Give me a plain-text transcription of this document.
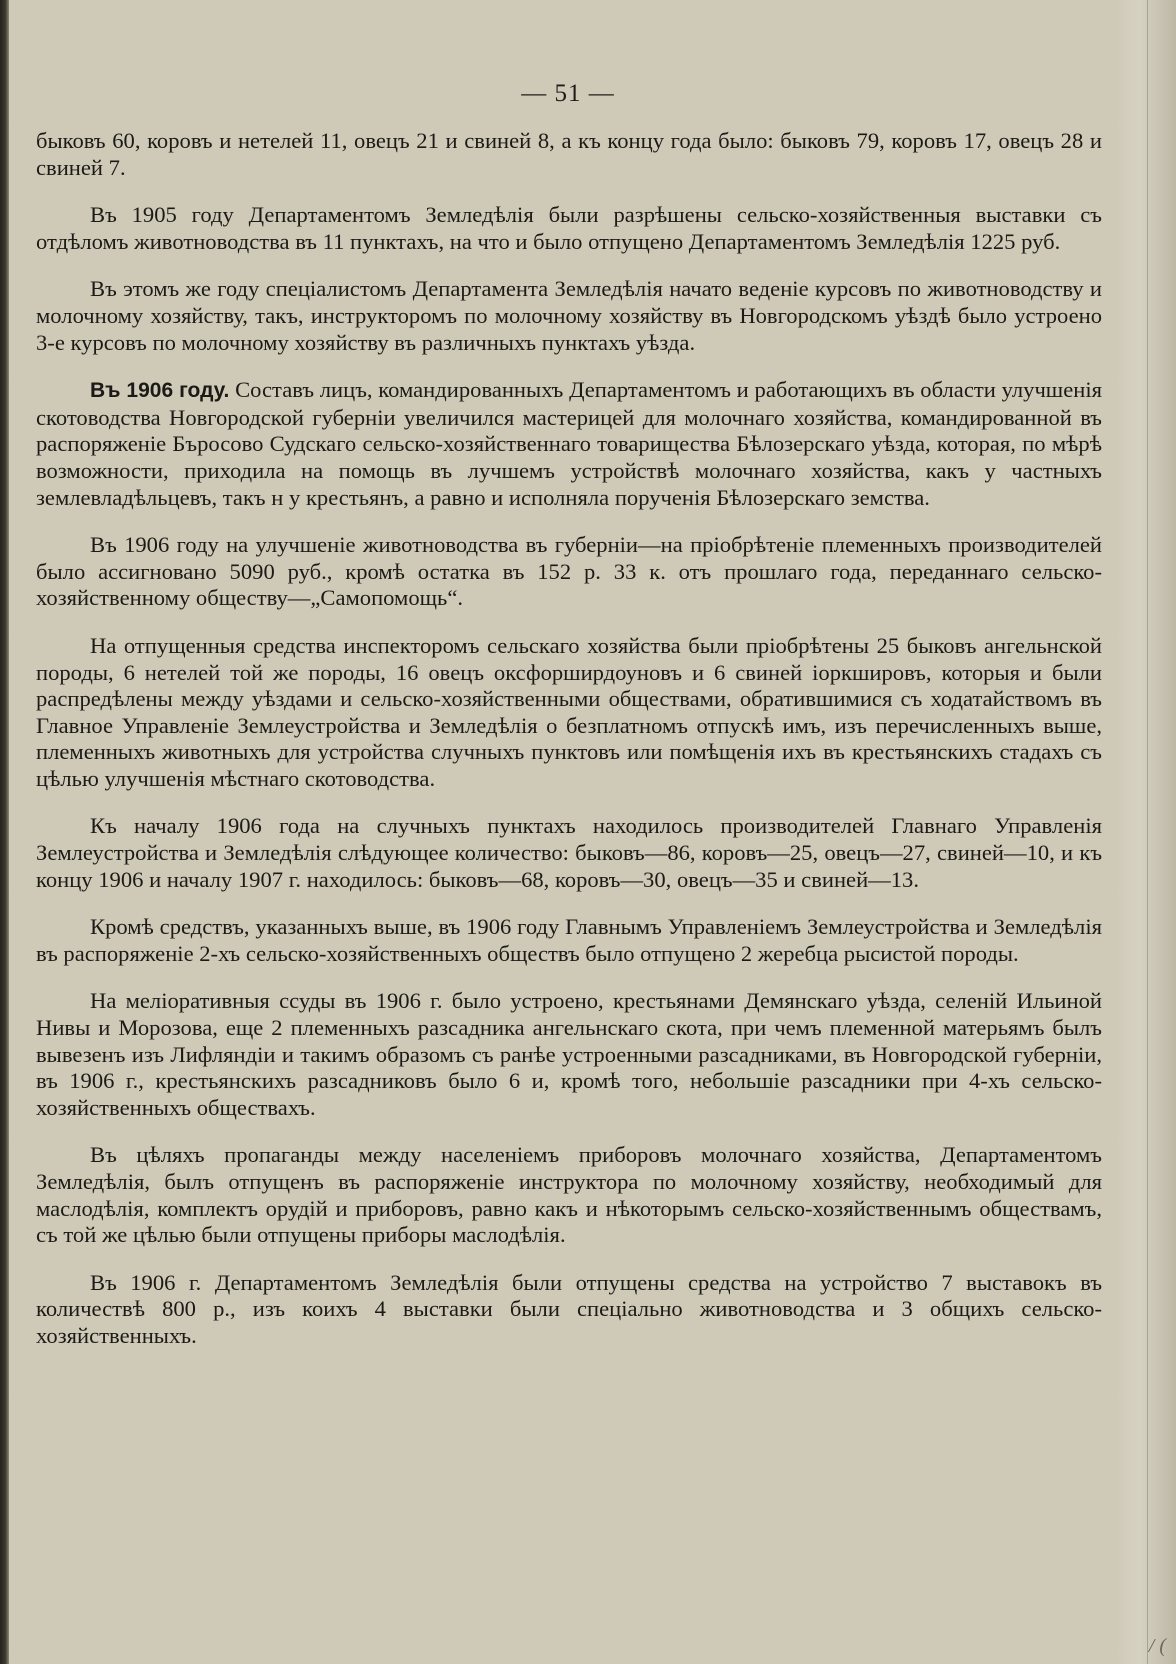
— 51 —

быковъ 60, коровъ и нетелей 11, овецъ 21 и свиней 8, а къ концу года было: быковъ 79, коровъ 17, овецъ 28 и свиней 7.

Въ 1905 году Департаментомъ Земледѣлія были разрѣшены сельско-хозяйственныя выставки съ отдѣломъ животноводства въ 11 пунктахъ, на что и было отпущено Департаментомъ Земледѣлія 1225 руб.

Въ этомъ же году спеціалистомъ Департамента Земледѣлія начато веденіе курсовъ по животноводству и молочному хозяйству, такъ, инструкторомъ по молочному хозяйству въ Новгородскомъ уѣздѣ было устроено 3-е курсовъ по молочному хозяйству въ различныхъ пунктахъ уѣзда.

Въ 1906 году. Составъ лицъ, командированныхъ Департаментомъ и работающихъ въ области улучшенія скотоводства Новгородской губерніи увеличился мастерицей для молочнаго хозяйства, командированной въ распоряженіе Бъросово Судскаго сельско-хозяйственнаго товарищества Бѣлозерскаго уѣзда, которая, по мѣрѣ возможности, приходила на помощь въ лучшемъ устройствѣ молочнаго хозяйства, какъ у частныхъ землевладѣльцевъ, такъ н у крестьянъ, а равно и исполняла порученія Бѣлозерскаго земства.

Въ 1906 году на улучшеніе животноводства въ губерніи—на пріобрѣтеніе племенныхъ производителей было ассигновано 5090 руб., кромѣ остатка въ 152 р. 33 к. отъ прошлаго года, переданнаго сельско-хозяйственному обществу—„Самопомощь“.

На отпущенныя средства инспекторомъ сельскаго хозяйства были пріобрѣтены 25 быковъ ангельнской породы, 6 нетелей той же породы, 16 овецъ оксфорширдоуновъ и 6 свиней іоркшировъ, которыя и были распредѣлены между уѣздами и сельско-хозяйственными обществами, обратившимися съ ходатайствомъ въ Главное Управленіе Землеустройства и Земледѣлія о безплатномъ отпускѣ имъ, изъ перечисленныхъ выше, племенныхъ животныхъ для устройства случныхъ пунктовъ или помѣщенія ихъ въ крестьянскихъ стадахъ съ цѣлью улучшенія мѣстнаго скотоводства.

Къ началу 1906 года на случныхъ пунктахъ находилось производителей Главнаго Управленія Землеустройства и Земледѣлія слѣдующее количество: быковъ—86, коровъ—25, овецъ—27, свиней—10, и къ концу 1906 и началу 1907 г. находилось: быковъ—68, коровъ—30, овецъ—35 и свиней—13.

Кромѣ средствъ, указанныхъ выше, въ 1906 году Главнымъ Управленіемъ Землеустройства и Земледѣлія въ распоряженіе 2-хъ сельско-хозяйственныхъ обществъ было отпущено 2 жеребца рысистой породы.

На меліоративныя ссуды въ 1906 г. было устроено, крестьянами Демянскаго уѣзда, селеній Ильиной Нивы и Морозова, еще 2 племенныхъ разсадника ангельнскаго скота, при чемъ племенной матерьямъ былъ вывезенъ изъ Лифляндіи и такимъ образомъ съ ранѣе устроенными разсадниками, въ Новгородской губерніи, въ 1906 г., крестьянскихъ разсадниковъ было 6 и, кромѣ того, небольшіе разсадники при 4-хъ сельско-хозяйственныхъ обществахъ.

Въ цѣляхъ пропаганды между населеніемъ приборовъ молочнаго хозяйства, Департаментомъ Земледѣлія, былъ отпущенъ въ распоряженіе инструктора по молочному хозяйству, необходимый для маслодѣлія, комплектъ орудій и приборовъ, равно какъ и нѣкоторымъ сельско-хозяйственнымъ обществамъ, съ той же цѣлью были отпущены приборы маслодѣлія.

Въ 1906 г. Департаментомъ Земледѣлія были отпущены средства на устройство 7 выставокъ въ количествѣ 800 р., изъ коихъ 4 выставки были спеціально животноводства и 3 общихъ сельско-хозяйственныхъ.

/ (
